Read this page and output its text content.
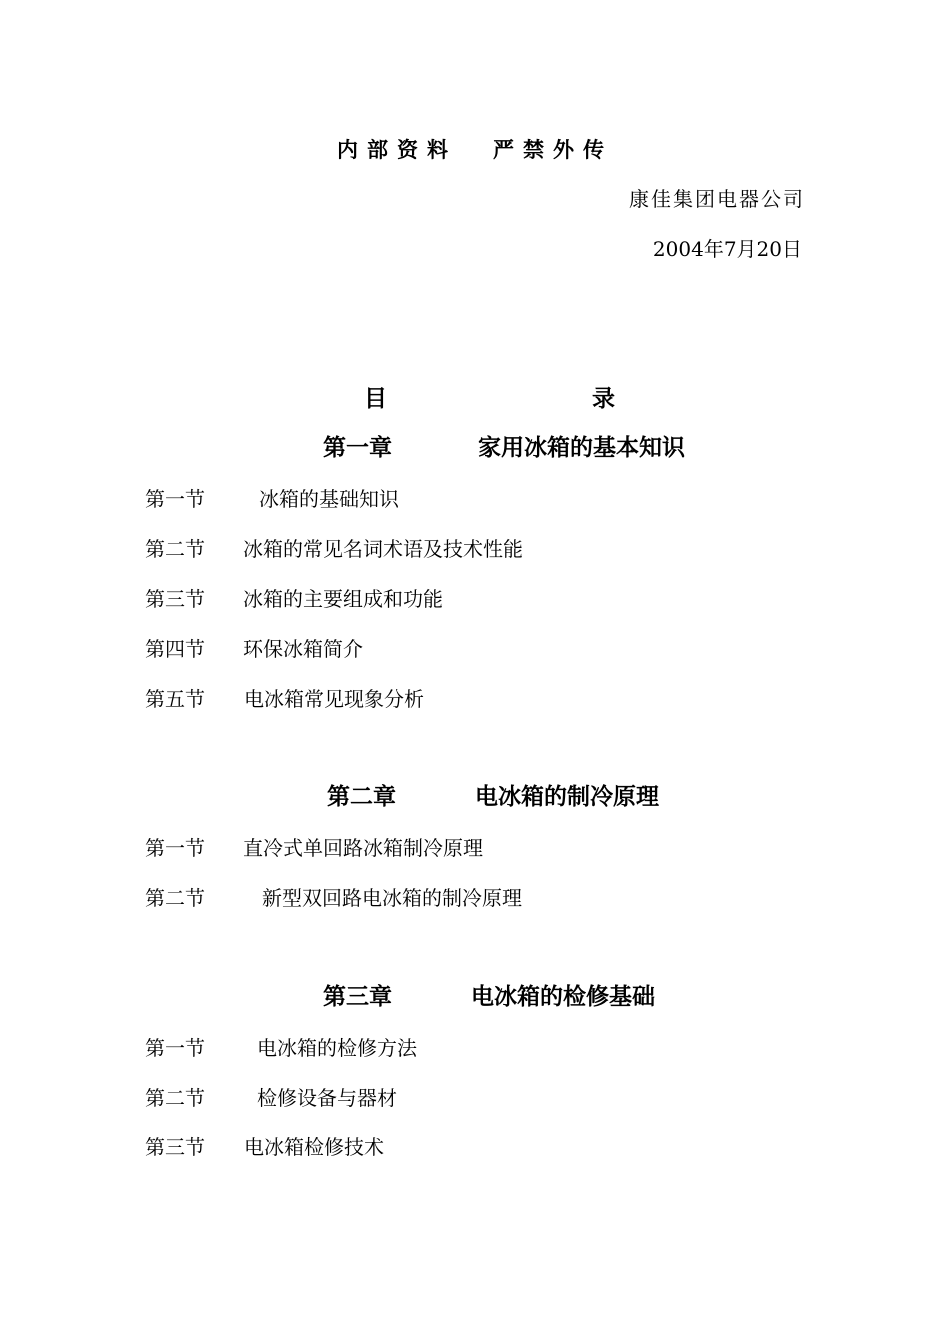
内部资料 严禁外传
康佳集团电器公司
2004年7月20日
目	录
第一章	家用冰箱的基本知识
第一节	冰箱的基础知识
第二节 冰箱的常见名词术语及技术性能
第三节 冰箱的主要组成和功能
第四节 环保冰箱简介
第五节 电冰箱常见现象分析
第二章	电冰箱的制冷原理
第一节 直冷式单回路冰箱制冷原理
第二节	新型双回路电冰箱的制冷原理
第三章	电冰箱的检修基础
第一节	电冰箱的检修方法
第二节	检修设备与器材
第三节 电冰箱检修技术
